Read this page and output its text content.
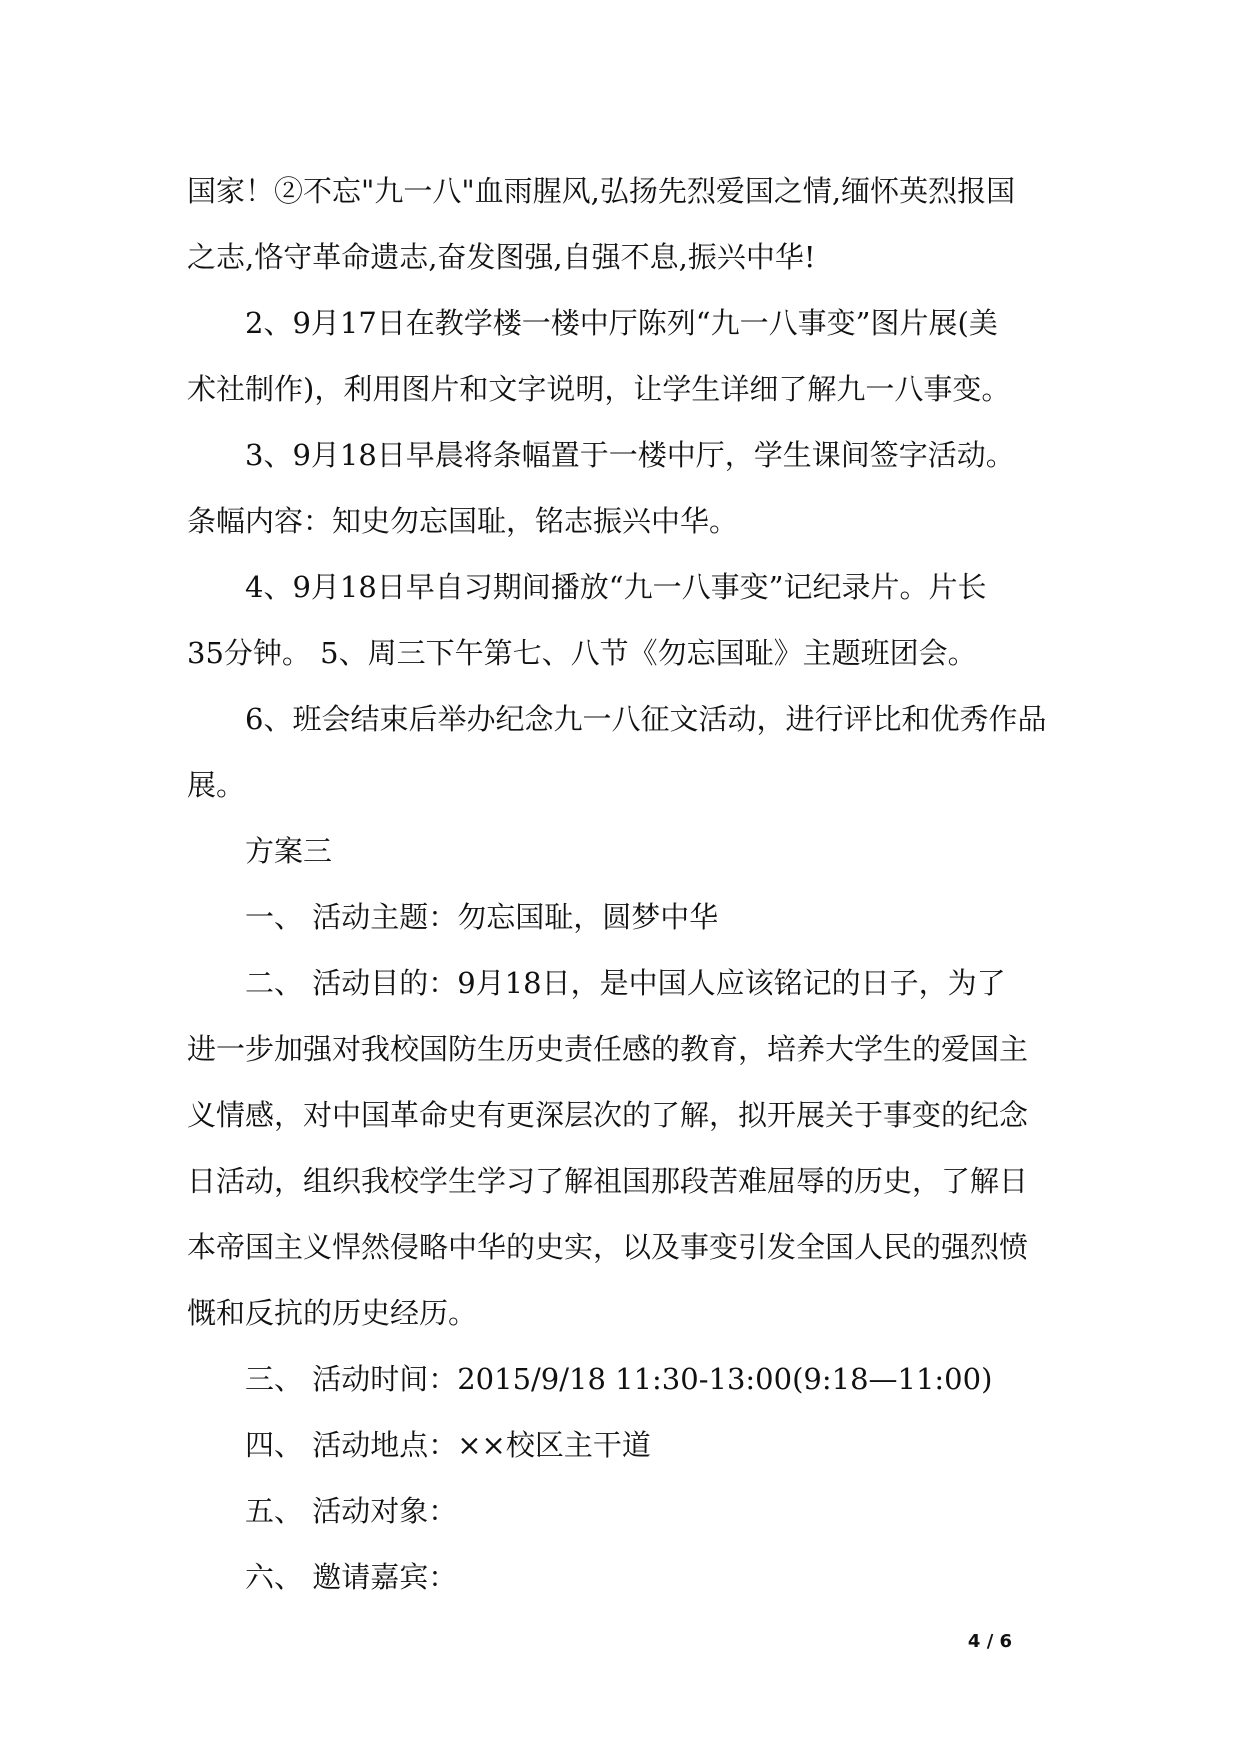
国家！②不忘"九一八"血雨腥风,弘扬先烈爱国之情,缅怀英烈报国
之志,恪守革命遗志,奋发图强,自强不息,振兴中华!

2、9月17日在教学楼一楼中厅陈列“九一八事变”图片展(美

术社制作)，利用图片和文字说明，让学生详细了解九一八事变。

3、9月18日早晨将条幅置于一楼中厅，学生课间签字活动。

条幅内容：知史勿忘国耻，铭志振兴中华。

4、9月18日早自习期间播放“九一八事变”记纪录片。片长

35分钟。 5、周三下午第七、八节《勿忘国耻》主题班团会。

6、班会结束后举办纪念九一八征文活动，进行评比和优秀作品

展。

方案三

一、 活动主题：勿忘国耻，圆梦中华

二、 活动目的：9月18日，是中国人应该铭记的日子，为了

进一步加强对我校国防生历史责任感的教育，培养大学生的爱国主
义情感，对中国革命史有更深层次的了解，拟开展关于事变的纪念
日活动，组织我校学生学习了解祖国那段苦难屈辱的历史，了解日
本帝国主义悍然侵略中华的史实，以及事变引发全国人民的强烈愤
慨和反抗的历史经历。

三、 活动时间：2015/9/18 11:30-13:00(9:18—11:00)

四、 活动地点：××校区主干道

五、 活动对象：

六、 邀请嘉宾：

4 / 6
